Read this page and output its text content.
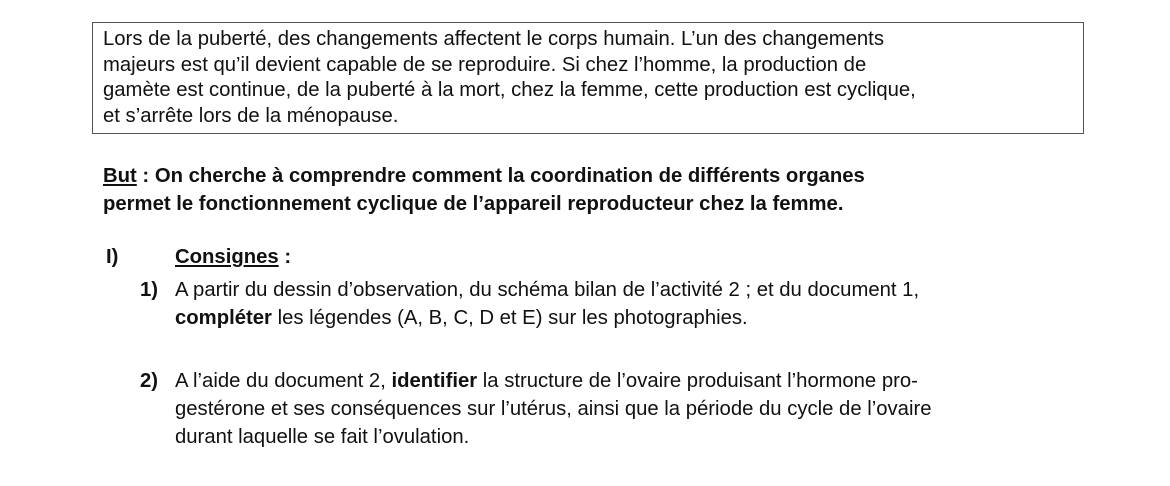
Lors de la puberté, des changements affectent le corps humain. L’un des changements
majeurs est qu’il devient capable de se reproduire. Si chez l’homme, la production de
gamète est continue, de la puberté à la mort, chez la femme, cette production est cyclique,
et s’arrête lors de la ménopause.
But : On cherche à comprendre comment la coordination de différents organes
permet le fonctionnement cyclique de l’appareil reproducteur chez la femme.
I)	Consignes :
1) A partir du dessin d’observation, du schéma bilan de l’activité 2 ; et du document 1,
compléter les légendes (A, B, C, D et E) sur les photographies.
2) A l’aide du document 2, identifier la structure de l’ovaire produisant l’hormone pro-
gestérone et ses conséquences sur l’utérus, ainsi que la période du cycle de l’ovaire
durant laquelle se fait l’ovulation.
